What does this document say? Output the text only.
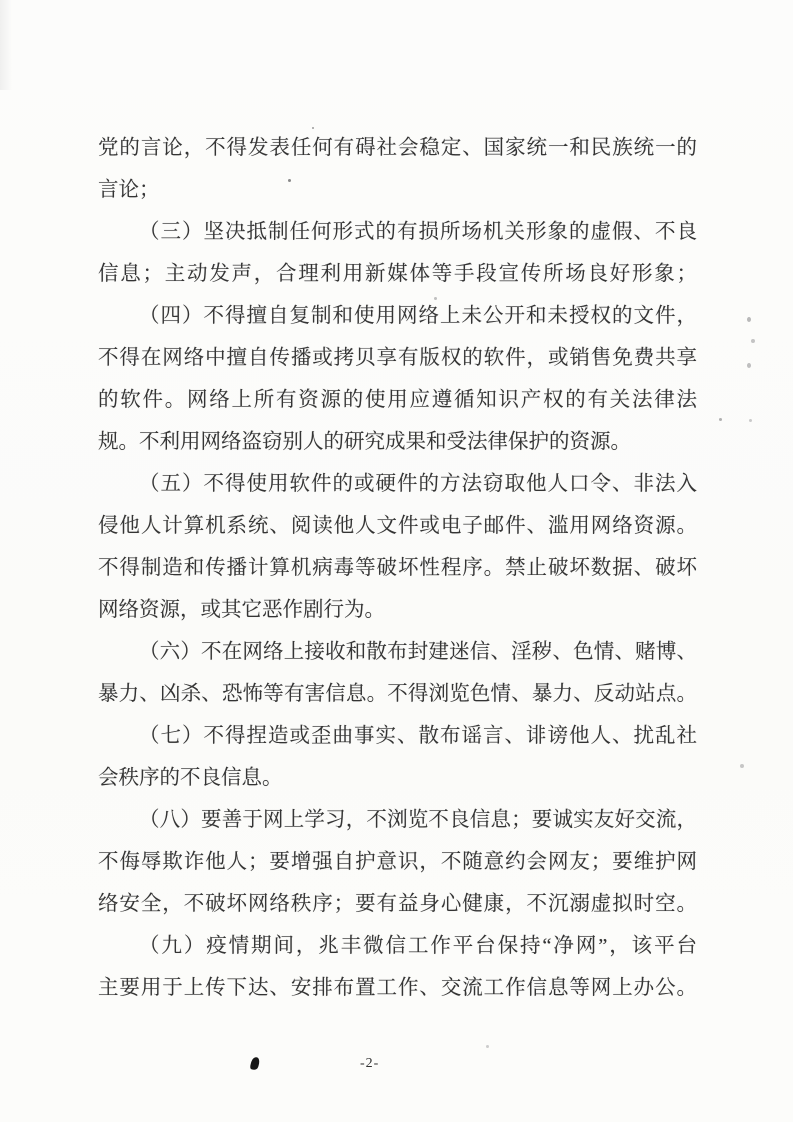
党的言论，不得发表任何有碍社会稳定、国家统一和民族统一的
言论；
（三）坚决抵制任何形式的有损所场机关形象的虚假、不良
信息；主动发声，合理利用新媒体等手段宣传所场良好形象；
（四）不得擅自复制和使用网络上未公开和未授权的文件，
不得在网络中擅自传播或拷贝享有版权的软件，或销售免费共享
的软件。网络上所有资源的使用应遵循知识产权的有关法律法
规。不利用网络盗窃别人的研究成果和受法律保护的资源。
（五）不得使用软件的或硬件的方法窃取他人口令、非法入
侵他人计算机系统、阅读他人文件或电子邮件、滥用网络资源。
不得制造和传播计算机病毒等破坏性程序。禁止破坏数据、破坏
网络资源，或其它恶作剧行为。
（六）不在网络上接收和散布封建迷信、淫秽、色情、赌博、
暴力、凶杀、恐怖等有害信息。不得浏览色情、暴力、反动站点。
（七）不得捏造或歪曲事实、散布谣言、诽谤他人、扰乱社
会秩序的不良信息。
（八）要善于网上学习，不浏览不良信息；要诚实友好交流，
不侮辱欺诈他人；要增强自护意识，不随意约会网友；要维护网
络安全，不破坏网络秩序；要有益身心健康，不沉溺虚拟时空。
（九）疫情期间，兆丰微信工作平台保持“净网”，该平台
主要用于上传下达、安排布置工作、交流工作信息等网上办公。
-2-
